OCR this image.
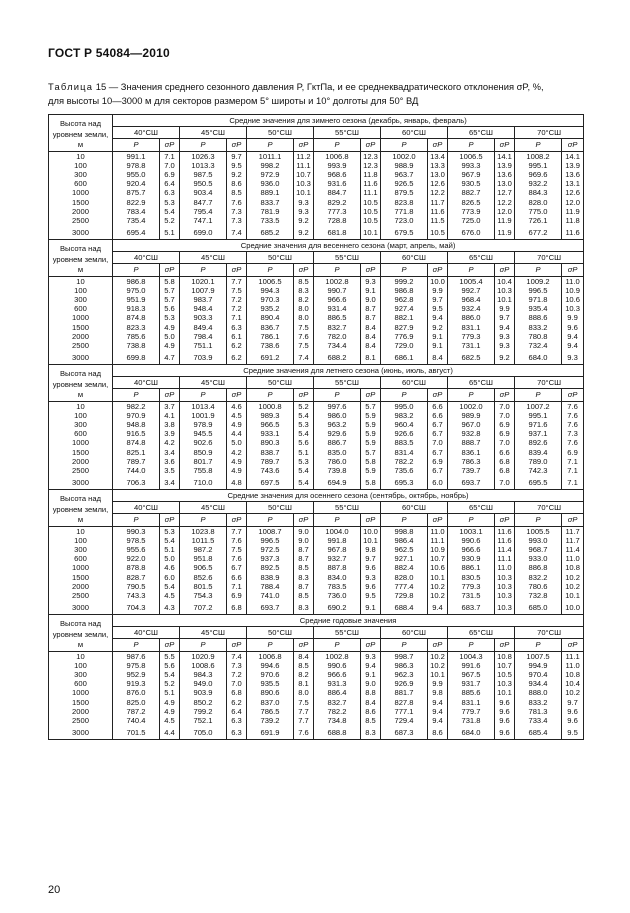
ГОСТ Р 54084—2010
Таблица 15 — Значения среднего сезонного давления P, ГктПа, и ее среднеквадратического отклонения σP, %,
для высоты 10—3000 м для секторов размером 5° широты и 10° долготы для 50° ВД
Высота над уровнем земли, м	Средние значения для зимнего сезона (декабрь, январь, февраль)													
	40°СШ		45°СШ		50°СШ		55°СШ		60°СШ		65°СШ		70°СШ	
	P	σP	P	σP	P	σP	P	σP	P	σP	P	σP	P	σP
10	991.1	7.1	1026.3	9.7	1011.1	11.2	1006.8	12.3	1002.0	13.4	1006.5	14.1	1008.2	14.1
100	978.8	7.0	1013.3	9.5	998.2	11.1	993.9	12.3	988.9	13.3	993.3	13.9	995.1	13.9
300	955.0	6.9	987.5	9.2	972.9	10.7	968.6	11.8	963.7	13.0	967.9	13.6	969.6	13.6
600	920.4	6.4	950.5	8.6	936.0	10.3	931.6	11.6	926.5	12.6	930.5	13.0	932.2	13.1
1000	875.7	6.3	903.4	8.5	889.1	10.1	884.7	11.1	879.5	12.2	882.7	12.7	884.3	12.6
1500	822.9	5.3	847.7	7.6	833.7	9.3	829.2	10.5	823.8	11.7	826.5	12.2	828.0	12.0
2000	783.4	5.4	795.4	7.3	781.9	9.3	777.3	10.5	771.8	11.6	773.9	12.0	775.0	11.9
2500	735.4	5.2	747.1	7.3	733.5	9.2	728.8	10.5	723.0	11.5	725.0	11.9	726.1	11.8
3000	695.4	5.1	699.0	7.4	685.2	9.2	681.8	10.1	679.5	10.5	676.0	11.9	677.2	11.6
Высота над уровнем земли, м	Средние значения для весеннего сезона (март, апрель, май)													
	40°СШ		45°СШ		50°СШ		55°СШ		60°СШ		65°СШ		70°СШ	
	P	σP	P	σP	P	σP	P	σP	P	σP	P	σP	P	σP
10	986.8	5.8	1020.1	7.7	1006.5	8.5	1002.8	9.3	999.2	10.0	1005.4	10.4	1009.2	11.0
100	975.0	5.7	1007.9	7.5	994.3	8.3	990.7	9.1	986.8	9.9	992.7	10.3	996.5	10.9
300	951.9	5.7	983.7	7.2	970.3	8.2	966.6	9.0	962.8	9.7	968.4	10.1	971.8	10.6
600	918.3	5.6	948.4	7.2	935.2	8.0	931.4	8.7	927.4	9.5	932.4	9.9	935.4	10.3
1000	874.8	5.3	903.3	7.1	890.4	8.0	886.5	8.7	882.1	9.4	886.0	9.7	888.6	9.9
1500	823.3	4.9	849.4	6.3	836.7	7.5	832.7	8.4	827.9	9.2	831.1	9.4	833.2	9.6
2000	785.6	5.0	798.4	6.1	786.1	7.6	782.0	8.4	776.9	9.1	779.3	9.3	780.8	9.4
2500	738.8	4.9	751.1	6.2	738.6	7.5	734.4	8.4	729.0	9.1	731.1	9.3	732.4	9.4
3000	699.8	4.7	703.9	6.2	691.2	7.4	688.2	8.1	686.1	8.4	682.5	9.2	684.0	9.3
Высота над уровнем земли, м	Средние значения для летнего сезона (июнь, июль, август)													
	40°СШ		45°СШ		50°СШ		55°СШ		60°СШ		65°СШ		70°СШ	
	P	σP	P	σP	P	σP	P	σP	P	σP	P	σP	P	σP
10	982.2	3.7	1013.4	4.6	1000.8	5.2	997.6	5.7	995.0	6.6	1002.0	7.0	1007.2	7.6
100	970.9	4.1	1001.9	4.5	989.3	5.4	986.0	5.9	983.2	6.6	989.9	7.0	995.1	7.6
300	948.8	3.8	978.9	4.9	966.5	5.3	963.2	5.9	960.4	6.7	967.0	6.9	971.6	7.6
600	916.5	3.9	945.5	4.4	933.1	5.4	929.6	5.9	926.6	6.7	932.8	6.9	937.1	7.3
1000	874.8	4.2	902.6	5.0	890.3	5.6	886.7	5.9	883.5	7.0	888.7	7.0	892.6	7.6
1500	825.1	3.4	850.9	4.2	838.7	5.1	835.0	5.7	831.4	6.7	836.1	6.6	839.4	6.9
2000	789.7	3.6	801.7	4.9	789.7	5.3	786.0	5.8	782.2	6.9	786.3	6.8	789.0	7.1
2500	744.0	3.5	755.8	4.9	743.6	5.4	739.8	5.9	735.6	6.7	739.7	6.8	742.3	7.1
3000	706.3	3.4	710.0	4.8	697.5	5.4	694.9	5.8	695.3	6.0	693.7	7.0	695.5	7.1
Высота над уровнем земли, м	Средние значения для осеннего сезона (сентябрь, октябрь, ноябрь)													
	40°СШ		45°СШ		50°СШ		55°СШ		60°СШ		65°СШ		70°СШ	
	P	σP	P	σP	P	σP	P	σP	P	σP	P	σP	P	σP
10	990.3	5.3	1023.8	7.7	1008.7	9.0	1004.0	10.0	998.8	11.0	1003.1	11.6	1005.5	11.7
100	978.5	5.4	1011.5	7.6	996.5	9.0	991.8	10.1	986.4	11.1	990.6	11.6	993.0	11.7
300	955.6	5.1	987.2	7.5	972.5	8.7	967.8	9.8	962.5	10.9	966.6	11.4	968.7	11.4
600	922.0	5.0	951.8	7.6	937.3	8.7	932.7	9.7	927.1	10.7	930.9	11.1	933.0	11.0
1000	878.8	4.6	906.5	6.7	892.5	8.5	887.8	9.6	882.4	10.6	886.1	11.0	886.8	10.8
1500	828.7	6.0	852.6	6.6	838.9	8.3	834.0	9.3	828.0	10.1	830.5	10.3	832.2	10.2
2000	790.5	5.4	801.5	7.1	788.4	8.7	783.5	9.6	777.4	10.2	779.3	10.3	780.6	10.2
2500	743.3	4.5	754.3	6.9	741.0	8.5	736.0	9.5	729.8	10.2	731.5	10.3	732.8	10.1
3000	704.3	4.3	707.2	6.8	693.7	8.3	690.2	9.1	688.4	9.4	683.7	10.3	685.0	10.0
Высота над уровнем земли, м	Средние годовые значения													
	40°СШ		45°СШ		50°СШ		55°СШ		60°СШ		65°СШ		70°СШ	
	P	σP	P	σP	P	σP	P	σP	P	σP	P	σP	P	σP
10	987.6	5.5	1020.9	7.4	1006.8	8.4	1002.8	9.3	998.7	10.2	1004.3	10.8	1007.5	11.1
100	975.8	5.6	1008.6	7.3	994.6	8.5	990.6	9.4	986.3	10.2	991.6	10.7	994.9	11.0
300	952.9	5.4	984.3	7.2	970.6	8.2	966.6	9.1	962.3	10.1	967.5	10.5	970.4	10.8
600	919.3	5.2	949.0	7.0	935.5	8.1	931.3	9.0	926.9	9.9	931.7	10.3	934.4	10.4
1000	876.0	5.1	903.9	6.8	890.6	8.0	886.4	8.8	881.7	9.8	885.6	10.1	888.0	10.2
1500	825.0	4.9	850.2	6.2	837.0	7.5	832.7	8.4	827.8	9.4	831.1	9.6	833.2	9.7
2000	787.2	4.9	799.2	6.4	786.5	7.7	782.2	8.6	777.1	9.4	779.7	9.6	781.3	9.6
2500	740.4	4.5	752.1	6.3	739.2	7.7	734.8	8.5	729.4	9.4	731.8	9.6	733.4	9.6
3000	701.5	4.4	705.0	6.3	691.9	7.6	688.8	8.3	687.3	8.6	684.0	9.6	685.4	9.5
20
